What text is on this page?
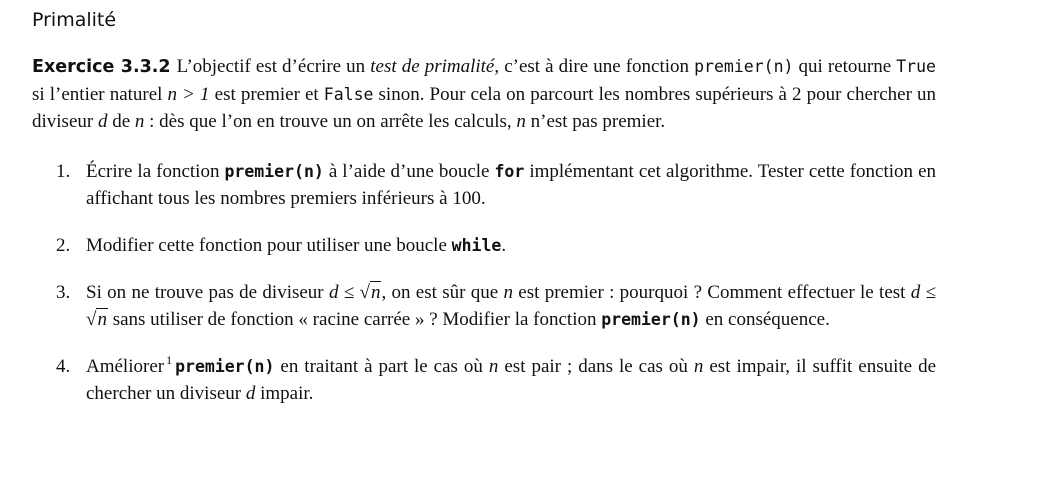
Primalité

Exercice 3.3.2 L’objectif est d’écrire un test de primalité, c’est à dire une fonction premier(n) qui retourne True si l’entier naturel n > 1 est premier et False sinon. Pour cela on parcourt les nombres supérieurs à 2 pour chercher un diviseur d de n : dès que l’on en trouve un on arrête les calculs, n n’est pas premier.

1. Écrire la fonction premier(n) à l’aide d’une boucle for implémentant cet algorithme. Tester cette fonction en affichant tous les nombres premiers inférieurs à 100.
2. Modifier cette fonction pour utiliser une boucle while.
3. Si on ne trouve pas de diviseur d ≤ √n, on est sûr que n est premier : pourquoi ? Comment effectuer le test d ≤ √n sans utiliser de fonction « racine carrée » ? Modifier la fonction premier(n) en conséquence.
4. Améliorer $^1$ premier(n) en traitant à part le cas où n est pair ; dans le cas où n est impair, il suffit ensuite de chercher un diviseur d impair.
